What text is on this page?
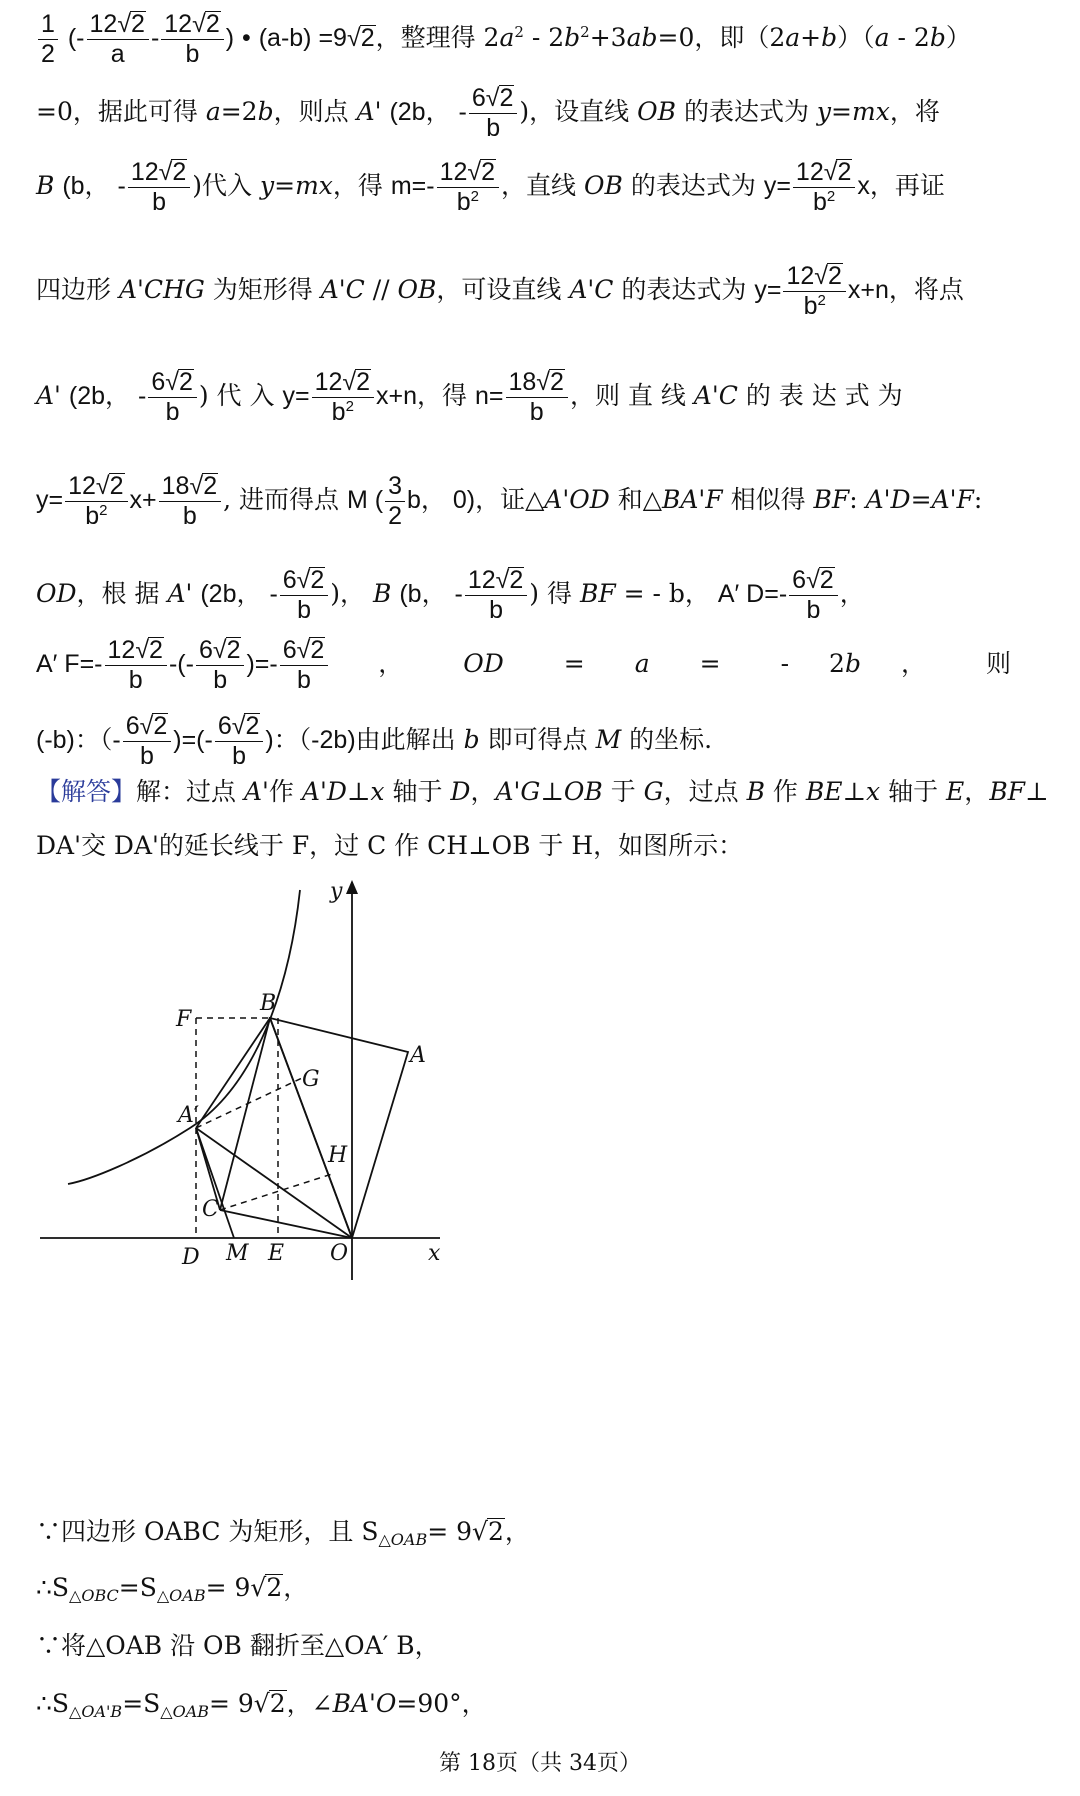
$\frac{1}{2}$ (- $\frac{12√2}{a} - \frac{12√2}{b}$ ) • (a-b) =9√2，整理得 $2a^2 - 2b^2+3ab=0$，即（2a+b）（a - 2b）
=0，据此可得 a=2b，则点 A' (2b， - $\frac{6√2}{b}$ )，设直线 OB 的表达式为 y=mx，将
B (b， - $\frac{12√2}{b}$ )代入 y=mx，得 $m=- \frac{12√2}{b^2}$ ，直线 OB 的表达式为 $y= \frac{12√2}{b^2}$ x，再证
四边形 A'CHG 为矩形得 A'C // OB，可设直线 A'C 的表达式为 $y= \frac{12√2}{b^2} x+n$，将点
A' (2b， - $\frac{6√2}{b}$ ) 代 入 $y= \frac{12√2}{b^2} x+n$，得 $n= \frac{18√2}{b}$ ，则 直 线 A'C 的 表 达 式 为
$y= \frac{12√2}{b^2} x+ \frac{18√2}{b}$ , 进而得点 M ( $\frac{3}{2}$ b， 0)，证△A'OD 和△BA'F 相似得 BF: A'D=A'F:
OD，根 据 A' (2b， - $\frac{6√2}{b}$ )， B (b， - $\frac{12√2}{b}$ ) 得 BF = - b， A′ $D=- \frac{6√2}{b}$ ，
A′ $F=- \frac{12√2}{b}$ -(- $\frac{6√2}{b}$ )=- $\frac{6√2}{b}$ ， OD = a = - 2b ， 则
(-b)：（- $\frac{6√2}{b}$ )=(- $\frac{6√2}{b}$ )：（-2b)由此解出 b 即可得点 M 的坐标.
【解答】解：过点 A'作 A'D⊥x 轴于 D，A'G⊥OB 于 G，过点 B 作 BE⊥x 轴于 E，BF⊥
DA'交 DA'的延长线于 F，过 C 作 CH⊥OB 于 H，如图所示：
y
x
O
A
B
C
A′
F
G
H
D M E
∵四边形 OABC 为矩形，且 $S_{\triangle OAB}= 9√2$，
$\therefore S_{\triangle OBC}=S_{\triangle OAB}= 9√2$，
∵将△OAB 沿 OB 翻折至△OA′ B，
$\therefore S_{\triangle OA'B}=S_{\triangle OAB}= 9√2$，∠BA'O=90°，
第 18页（共 34页）
